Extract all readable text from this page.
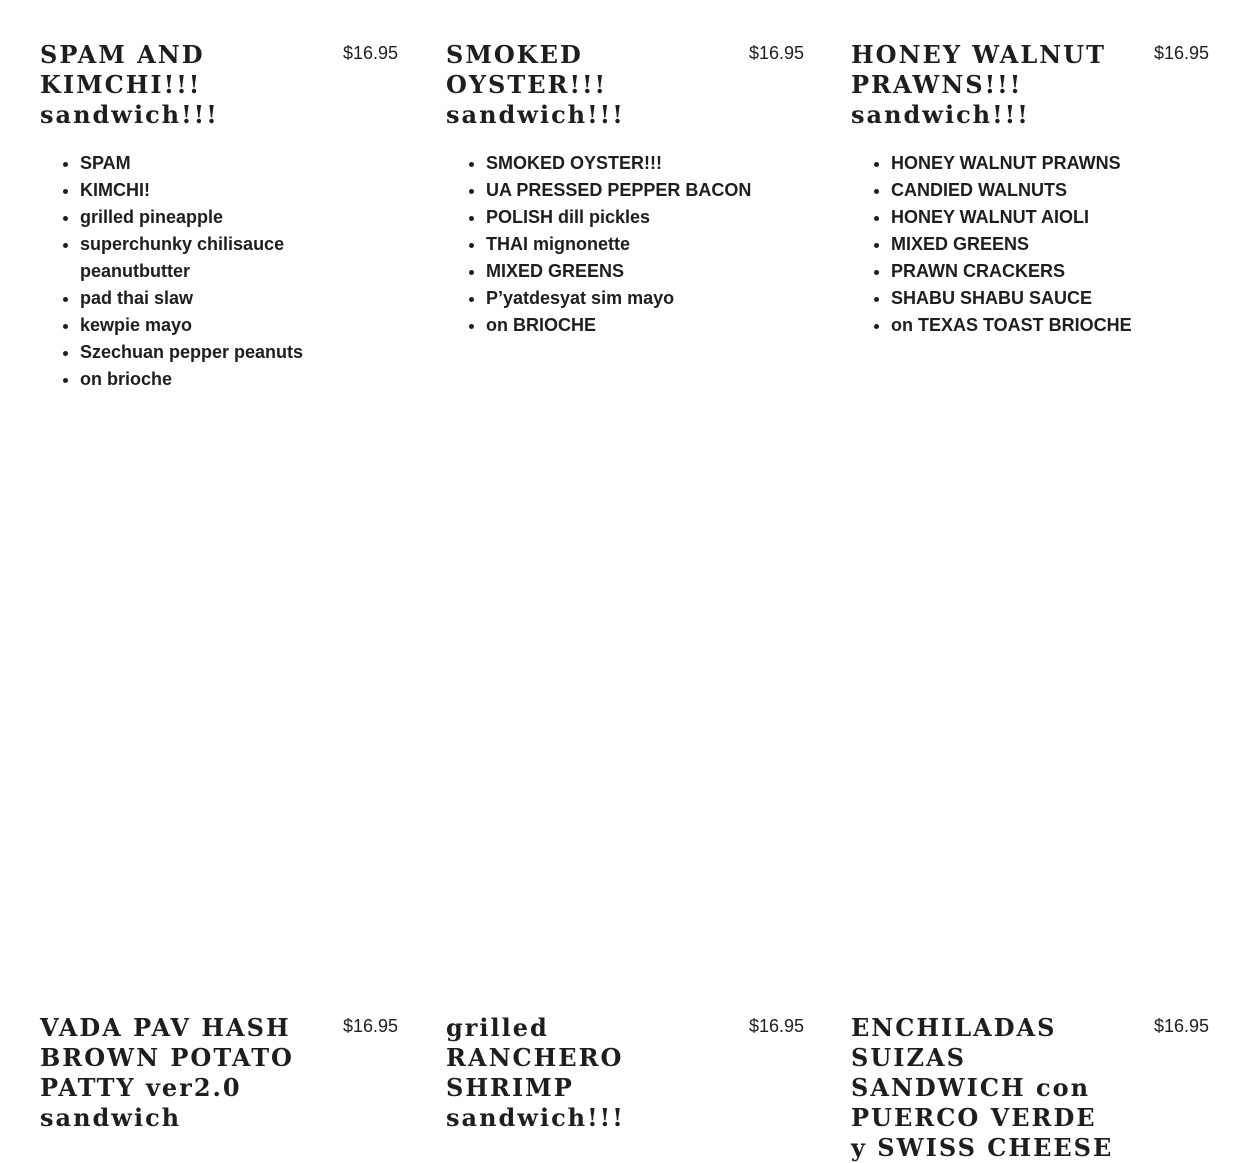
SPAM AND KIMCHI!!! sandwich!!!
$16.95
• SPAM
• KIMCHI!
• grilled pineapple
• superchunky chilisauce peanutbutter
• pad thai slaw
• kewpie mayo
• Szechuan pepper peanuts
• on brioche
SMOKED OYSTER!!! sandwich!!!
$16.95
• SMOKED OYSTER!!!
• UA PRESSED PEPPER BACON
• POLISH dill pickles
• THAI mignonette
• MIXED GREENS
• P’yatdesyat sim mayo
• on BRIOCHE
HONEY WALNUT PRAWNS!!! sandwich!!!
$16.95
• HONEY WALNUT PRAWNS
• CANDIED WALNUTS
• HONEY WALNUT AIOLI
• MIXED GREENS
• PRAWN CRACKERS
• SHABU SHABU SAUCE
• on TEXAS TOAST BRIOCHE
VADA PAV HASH BROWN POTATO PATTY ver2.0 sandwich
$16.95 grilled RANCHERO SHRIMP sandwich!!!
$16.95 ENCHILADAS SUIZAS SANDWICH con PUERCO VERDE y SWISS CHEESE
$16.95
